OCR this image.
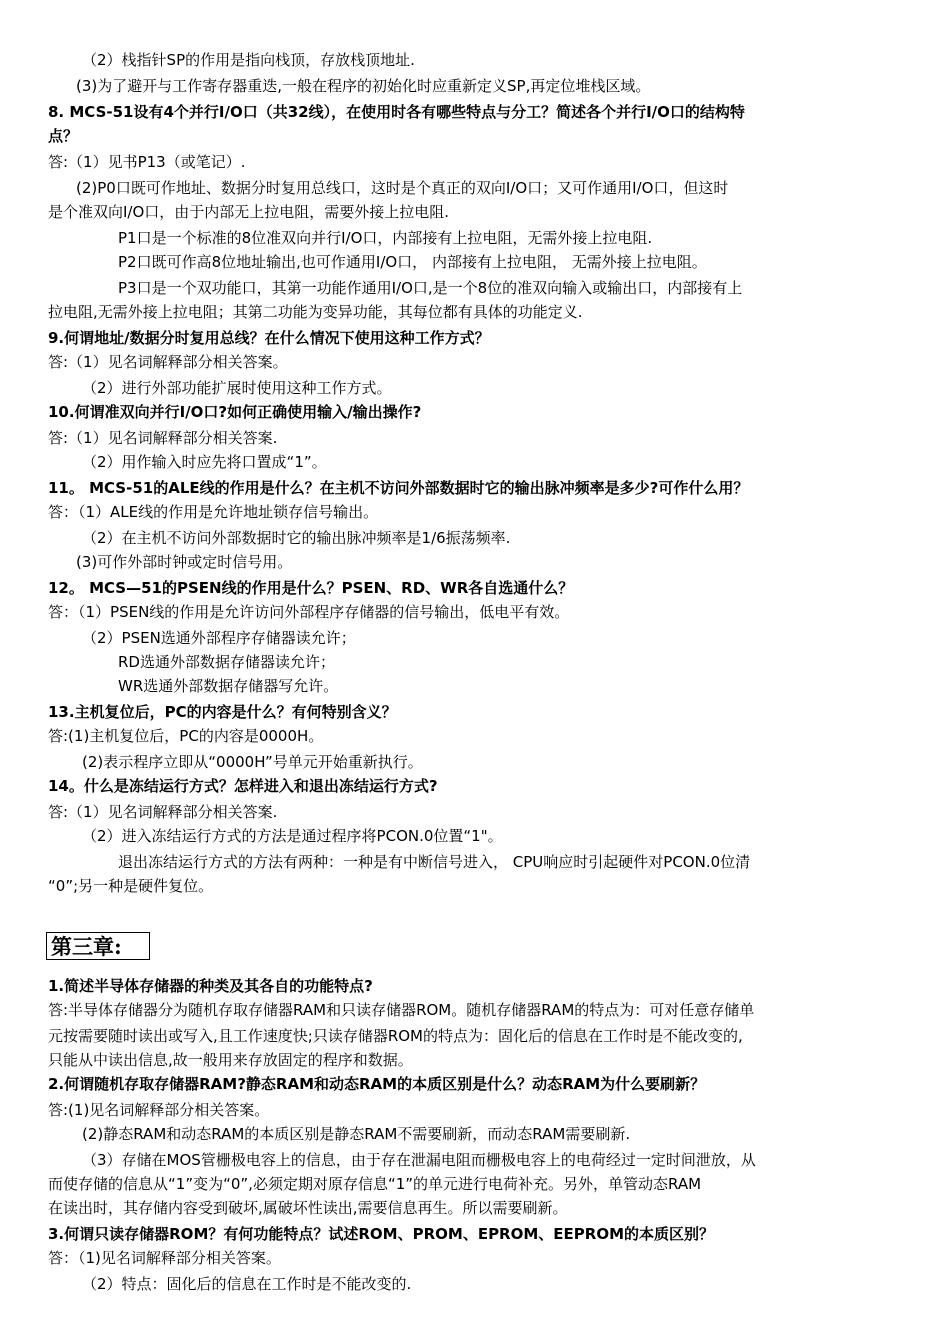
（2）栈指针SP的作用是指向栈顶，存放栈顶地址.
(3)为了避开与工作寄存器重迭,一般在程序的初始化时应重新定义SP,再定位堆栈区域。
8. MCS-51设有4个并行I/O口（共32线），在使用时各有哪些特点与分工？简述各个并行I/O口的结构特
点？
答:（1）见书P13（或笔记）.
(2)P0口既可作地址、数据分时复用总线口，这时是个真正的双向I/O口；又可作通用I/O口，但这时
是个准双向I/O口，由于内部无上拉电阻，需要外接上拉电阻.
P1口是一个标准的8位准双向并行I/O口，内部接有上拉电阻，无需外接上拉电阻.
P2口既可作高8位地址输出,也可作通用I/O口， 内部接有上拉电阻， 无需外接上拉电阻。
P3口是一个双功能口，其第一功能作通用I/O口,是一个8位的准双向输入或输出口，内部接有上
拉电阻,无需外接上拉电阻；其第二功能为变异功能，其每位都有具体的功能定义.
9.何谓地址/数据分时复用总线？在什么情况下使用这种工作方式？
答:（1）见名词解释部分相关答案。
（2）进行外部功能扩展时使用这种工作方式。
10.何谓准双向并行I/O口?如何正确使用输入/输出操作?
答:（1）见名词解释部分相关答案.
（2）用作输入时应先将口置成“1”。
11。 MCS-51的ALE线的作用是什么？在主机不访问外部数据时它的输出脉冲频率是多少?可作什么用？
答：（1）ALE线的作用是允许地址锁存信号输出。
（2）在主机不访问外部数据时它的输出脉冲频率是1/6振荡频率.
(3)可作外部时钟或定时信号用。
12。 MCS—51的PSEN线的作用是什么？PSEN、RD、WR各自选通什么？
答：（1）PSEN线的作用是允许访问外部程序存储器的信号输出，低电平有效。
（2）PSEN选通外部程序存储器读允许；
RD选通外部数据存储器读允许；
WR选通外部数据存储器写允许。
13.主机复位后，PC的内容是什么？有何特别含义？
答:(1)主机复位后，PC的内容是0000H。
(2)表示程序立即从“0000H”号单元开始重新执行。
14。什么是冻结运行方式？怎样进入和退出冻结运行方式?
答:（1）见名词解释部分相关答案.
（2）进入冻结运行方式的方法是通过程序将PCON.0位置“1"。
退出冻结运行方式的方法有两种：一种是有中断信号进入， CPU响应时引起硬件对PCON.0位清
“0”;另一种是硬件复位。
第三章:
1.简述半导体存储器的种类及其各自的功能特点?
答:半导体存储器分为随机存取存储器RAM和只读存储器ROM。随机存储器RAM的特点为：可对任意存储单
元按需要随时读出或写入,且工作速度快;只读存储器ROM的特点为：固化后的信息在工作时是不能改变的,
只能从中读出信息,故一般用来存放固定的程序和数据。
2.何谓随机存取存储器RAM?静态RAM和动态RAM的本质区别是什么？动态RAM为什么要刷新？
答:(1)见名词解释部分相关答案。
(2)静态RAM和动态RAM的本质区别是静态RAM不需要刷新，而动态RAM需要刷新.
（3）存储在MOS管栅极电容上的信息，由于存在泄漏电阻而栅极电容上的电荷经过一定时间泄放，从
而使存储的信息从“1”变为“0”,必须定期对原存信息“1”的单元进行电荷补充。另外，单管动态RAM
在读出时，其存储内容受到破坏,属破坏性读出,需要信息再生。所以需要刷新。
3.何谓只读存储器ROM？有何功能特点？试述ROM、PROM、EPROM、EEPROM的本质区别？
答：（1)见名词解释部分相关答案。
（2）特点：固化后的信息在工作时是不能改变的.
